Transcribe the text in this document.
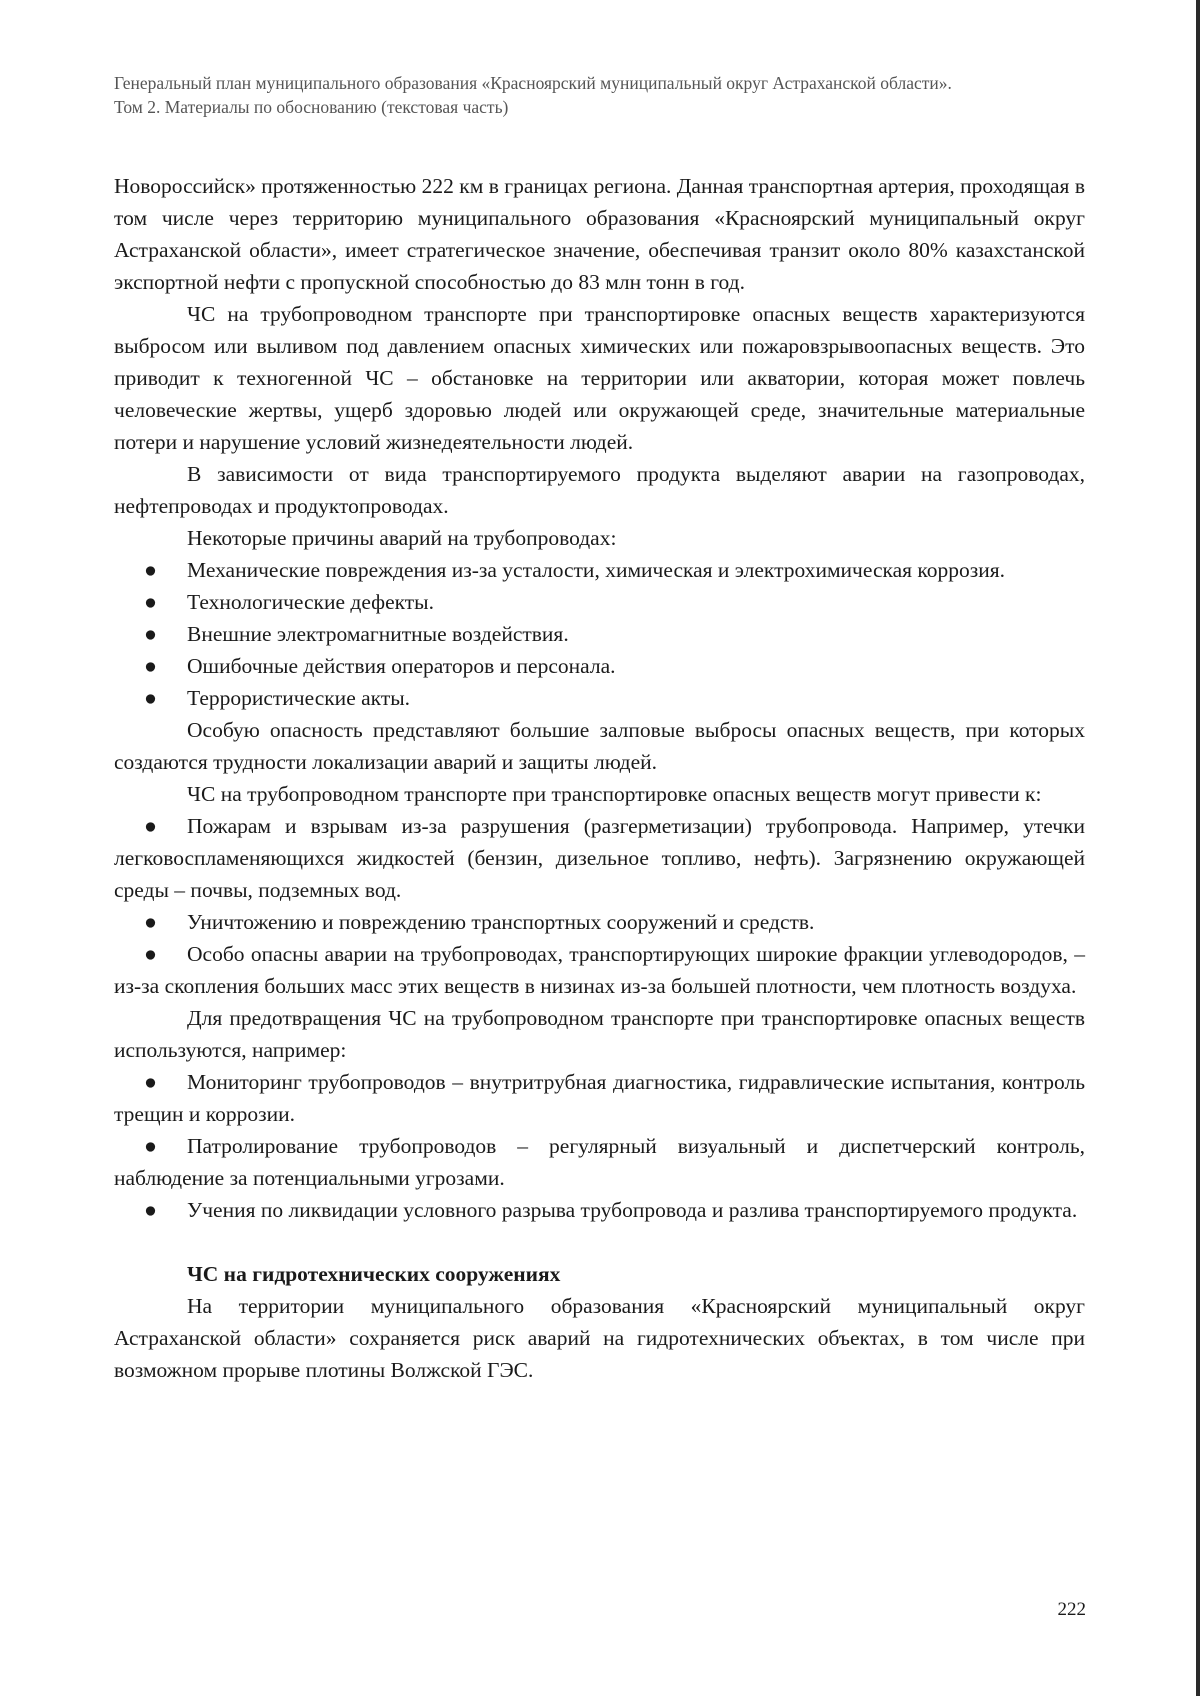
Генеральный план муниципального образования «Красноярский муниципальный округ Астраханской области».
Том 2. Материалы по обоснованию (текстовая часть)

Новороссийск» протяженностью 222 км в границах региона. Данная транспортная артерия, проходящая в том числе через территорию муниципального образования «Красноярский муниципальный округ Астраханской области», имеет стратегическое значение, обеспечивая транзит около 80% казахстанской экспортной нефти с пропускной способностью до 83 млн тонн в год.

ЧС на трубопроводном транспорте при транспортировке опасных веществ характеризуются выбросом или выливом под давлением опасных химических или пожаровзрывоопасных веществ. Это приводит к техногенной ЧС – обстановке на территории или акватории, которая может повлечь человеческие жертвы, ущерб здоровью людей или окружающей среде, значительные материальные потери и нарушение условий жизнедеятельности людей.

В зависимости от вида транспортируемого продукта выделяют аварии на газопроводах, нефтепроводах и продуктопроводах.

Некоторые причины аварий на трубопроводах:

● Механические повреждения из-за усталости, химическая и электрохимическая коррозия.

● Технологические дефекты.

● Внешние электромагнитные воздействия.

● Ошибочные действия операторов и персонала.

● Террористические акты.

Особую опасность представляют большие залповые выбросы опасных веществ, при которых создаются трудности локализации аварий и защиты людей.

ЧС на трубопроводном транспорте при транспортировке опасных веществ могут привести к:

● Пожарам и взрывам из-за разрушения (разгерметизации) трубопровода. Например, утечки легковоспламеняющихся жидкостей (бензин, дизельное топливо, нефть). Загрязнению окружающей среды – почвы, подземных вод.

● Уничтожению и повреждению транспортных сооружений и средств.

● Особо опасны аварии на трубопроводах, транспортирующих широкие фракции углеводородов, – из-за скопления больших масс этих веществ в низинах из-за большей плотности, чем плотность воздуха.

Для предотвращения ЧС на трубопроводном транспорте при транспортировке опасных веществ используются, например:

● Мониторинг трубопроводов – внутритрубная диагностика, гидравлические испытания, контроль трещин и коррозии.

● Патролирование трубопроводов – регулярный визуальный и диспетчерский контроль, наблюдение за потенциальными угрозами.

● Учения по ликвидации условного разрыва трубопровода и разлива транспортируемого продукта.

ЧС на гидротехнических сооружениях

На территории муниципального образования «Красноярский муниципальный округ Астраханской области» сохраняется риск аварий на гидротехнических объектах, в том числе при возможном прорыве плотины Волжской ГЭС.

222
